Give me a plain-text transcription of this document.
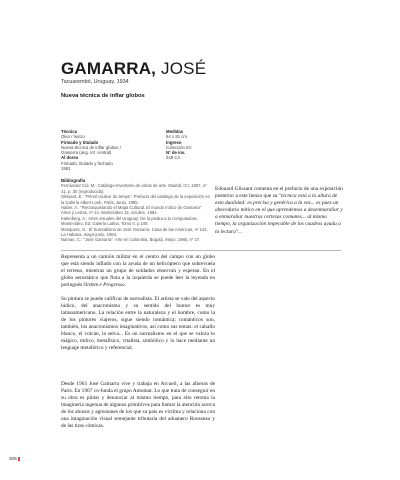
GAMARRA, JOSÉ
Tacuarembó, Uruguay, 1934
Nueva técnica de inflar globos
Técnica
Óleo / lienzo
Firmado y titulado
Nueva técnica de inflar globos /
Gamarra (ang. inf. central)
Al dorso
Firmado, titulado y fechado
1981
Medidas
64 x 81 cm
Ingreso
Colección ICI
Nº de inv.
348 CA
Bibliografía
Fernández Cid, M.: Catálogo-Inventario de obras de arte. Madrid, ICI, 1987, nº 41, p. 30 (reproducida).
Glissant, E.: "Pérsil couleur du temps". Prefacio del catálogo de la exposición en la Galería Albert Loeb, París, Junio, 1985.
Haber, A.: "Reconquistando el Mapa Cultural. El mundo mítico de Gamarra". Artes y Letras, nº 24, Montevideo 13, octubre, 1984.
Kalenberg, A.: Artes visuales del Uruguay: De la piedra a la computadora. Montevideo, Ed. Galería Latina, Tomo II, p.108.
Mosquera, G.: El Surrealismo de José Gamarra. Casa de las Américas, nº 144, La Habana, mayo-junio, 1984.
Naman, C.: "José Gamarra". Arte en Colombia, Bogotá, Mayo, 1985, nº 27.
Edouard Glissant comenta en el prefacio de una exposición posterior a este lienzo que su "técnica está a la altura de esta dualidad: es precisa y genérica a la vez... es pues un abecedario mítico en el que aprendemos a desenmarañar y a enmarañar nuestras certezas comunes... al mismo tiempo, la organización impecable de los cuadros ayuda a la lectura"...

Representa a un camión militar en el centro del campo con un globo que está siendo inflado con la ayuda de un helicóptero que sobrevuela el terreno, mientras un grupo de soldados observan y esperan. En el globo aerostático que flota a la izquierda se puede leer la leyenda en portugués Ordem e Progresso.

Su pintura se puede calificar de surrealista. El artista se vale del aspecto lúdico, del anacronismo y su sentido del humor es muy latinoamericano. La relación entre la naturaleza y el hombre, como la de los pintores viajeros, sigue siendo romántica; románticos son, también, los anacronismos imaginativos, así como sus temas: el caballo blanco, el volcán, la selva... Es un surrealismo en el que se valora lo mágico, mítico, metafísico, vitalista, simbólico y lo hace mediante un lenguaje metafórico y referencial.

Desde 1963 José Gamarra vive y trabaja en Arcueil, a las afueras de París. En 1967 co-funda el grupo Automat. Lo que trata de conseguir en su obra es pintar y denunciar al mismo tiempo, para ello retoma la imaginería ingenua de algunos primitivos para llamar la atención acerca de los abusos y agresiones de los que su país es víctima y relaciona con una imaginación visual semejante tributaria del aduanero Rousseau y de las tiras cómicas.

306
